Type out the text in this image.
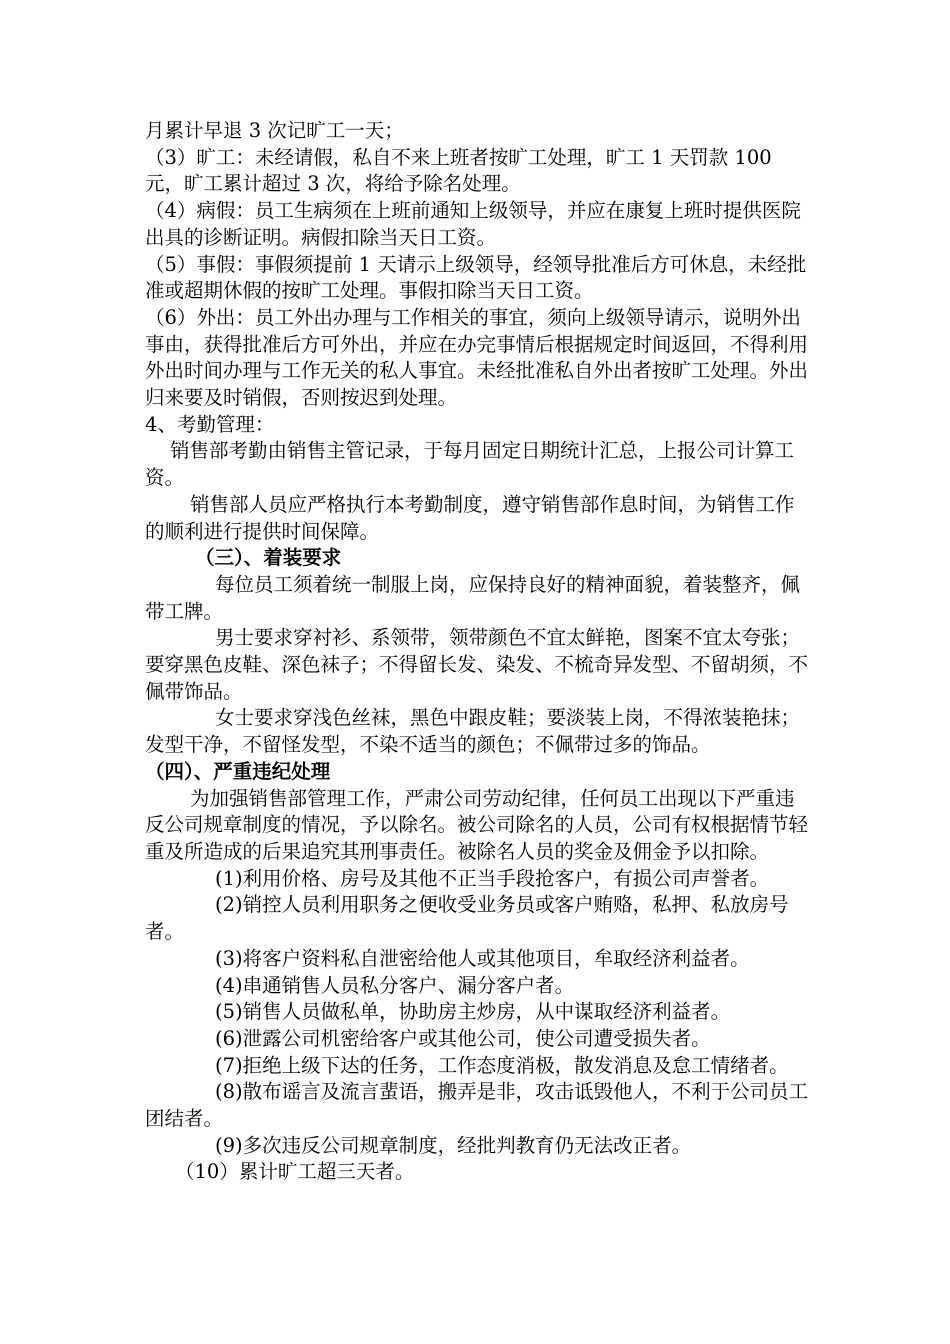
月累计早退 3 次记旷工一天；

（3）旷工：未经请假，私自不来上班者按旷工处理，旷工 1 天罚款 100 元，旷工累计超过 3 次，将给予除名处理。

（4）病假：员工生病须在上班前通知上级领导，并应在康复上班时提供医院出具的诊断证明。病假扣除当天日工资。

（5）事假：事假须提前 1 天请示上级领导，经领导批准后方可休息，未经批准或超期休假的按旷工处理。事假扣除当天日工资。

（6）外出：员工外出办理与工作相关的事宜，须向上级领导请示，说明外出事由，获得批准后方可外出，并应在办完事情后根据规定时间返回，不得利用外出时间办理与工作无关的私人事宜。未经批准私自外出者按旷工处理。外出归来要及时销假，否则按迟到处理。

4、考勤管理：

销售部考勤由销售主管记录，于每月固定日期统计汇总，上报公司计算工资。

销售部人员应严格执行本考勤制度，遵守销售部作息时间，为销售工作的顺利进行提供时间保障。

（三）、着装要求

每位员工须着统一制服上岗，应保持良好的精神面貌，着装整齐，佩带工牌。

男士要求穿衬衫、系领带，领带颜色不宜太鲜艳，图案不宜太夸张；要穿黑色皮鞋、深色袜子；不得留长发、染发、不梳奇异发型、不留胡须，不佩带饰品。

女士要求穿浅色丝袜，黑色中跟皮鞋；要淡装上岗，不得浓装艳抹；发型干净，不留怪发型，不染不适当的颜色；不佩带过多的饰品。

（四）、严重违纪处理

为加强销售部管理工作，严肃公司劳动纪律，任何员工出现以下严重违反公司规章制度的情况，予以除名。被公司除名的人员，公司有权根据情节轻重及所造成的后果追究其刑事责任。被除名人员的奖金及佣金予以扣除。

(1)利用价格、房号及其他不正当手段抢客户，有损公司声誉者。

(2)销控人员利用职务之便收受业务员或客户贿赂，私押、私放房号者。

(3)将客户资料私自泄密给他人或其他项目，牟取经济利益者。

(4)串通销售人员私分客户、漏分客户者。

(5)销售人员做私单，协助房主炒房，从中谋取经济利益者。

(6)泄露公司机密给客户或其他公司，使公司遭受损失者。

(7)拒绝上级下达的任务，工作态度消极，散发消息及怠工情绪者。

(8)散布谣言及流言蜚语，搬弄是非，攻击诋毁他人，不利于公司员工团结者。

(9)多次违反公司规章制度，经批判教育仍无法改正者。

（10）累计旷工超三天者。
